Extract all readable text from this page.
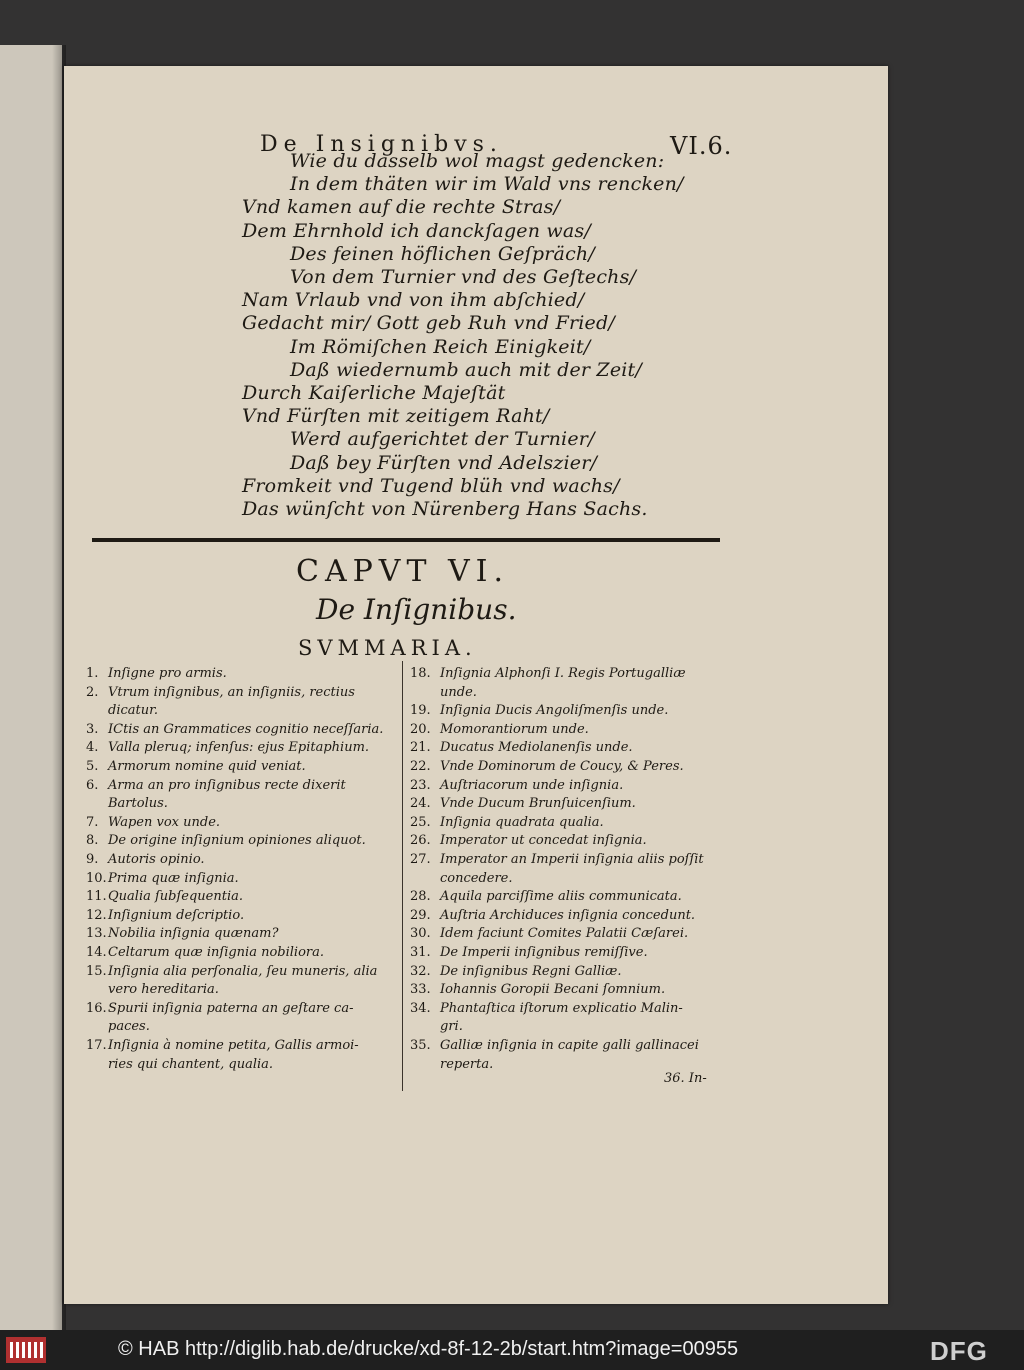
De Insignibvs.	VI.6.
Wie du dasselb wol magst gedencken:
In dem thäten wir im Wald vns rencken/
Vnd kamen auf die rechte Stras/
Dem Ehrnhold ich danckſagen was/
Des feinen höflichen Geſpräch/
Von dem Turnier vnd des Geſtechs/
Nam Vrlaub vnd von ihm abſchied/
Gedacht mir/ Gott geb Ruh vnd Fried/
Im Römiſchen Reich Einigkeit/
Daß wiedernumb auch mit der Zeit/
Durch Kaiſerliche Majeſtät
Vnd Fürſten mit zeitigem Raht/
Werd aufgerichtet der Turnier/
Daß bey Fürſten vnd Adelszier/
Fromkeit vnd Tugend blüh vnd wachs/
Das wünſcht von Nürenberg Hans Sachs.
CAPVT VI.
De Inſignibus.
SVMMARIA.
1. Inſigne pro armis.
2. Vtrum inſignibus, an inſigniis, rectius
dicatur.
3. ICtis an Grammatices cognitio neceſſaria.
4. Valla pleruq; infenſus: ejus Epitaphium.
5. Armorum nomine quid veniat.
6. Arma an pro inſignibus recte dixerit
Bartolus.
7. Wapen vox unde.
8. De origine inſignium opiniones aliquot.
9. Autoris opinio.
10.Prima quæ inſignia.
11.Qualia ſubſequentia.
12.Inſignium deſcriptio.
13.Nobilia inſignia quænam?
14.Celtarum quæ inſignia nobiliora.
15.Inſignia alia perſonalia, ſeu muneris, alia
vero hereditaria.
16.Spurii inſignia paterna an geſtare ca-
paces.
17.Inſignia à nomine petita, Gallis armoi-
ries qui chantent, qualia.
18. Inſignia Alphonſi I. Regis Portugalliæ
unde.
19. Inſignia Ducis Angoliſmenſis unde.
20. Momorantiorum unde.
21. Ducatus Mediolanenſis unde.
22. Vnde Dominorum de Coucy, & Peres.
23. Auſtriacorum unde inſignia.
24. Vnde Ducum Brunſuicenſium.
25. Inſignia quadrata qualia.
26. Imperator ut concedat inſignia.
27. Imperator an Imperii inſignia aliis poſſit
concedere.
28. Aquila parciſſime aliis communicata.
29. Auſtria Archiduces inſignia concedunt.
30. Idem faciunt Comites Palatii Cæſarei.
31. De Imperii inſignibus remiſſive.
32. De inſignibus Regni Galliæ.
33. Iohannis Goropii Becani ſomnium.
34. Phantaſtica iſtorum explicatio Malin-
gri.
35. Galliæ inſignia in capite galli gallinacei
reperta.
36. In-
© HAB http://diglib.hab.de/drucke/xd-8f-12-2b/start.htm?image=00955	DFG
